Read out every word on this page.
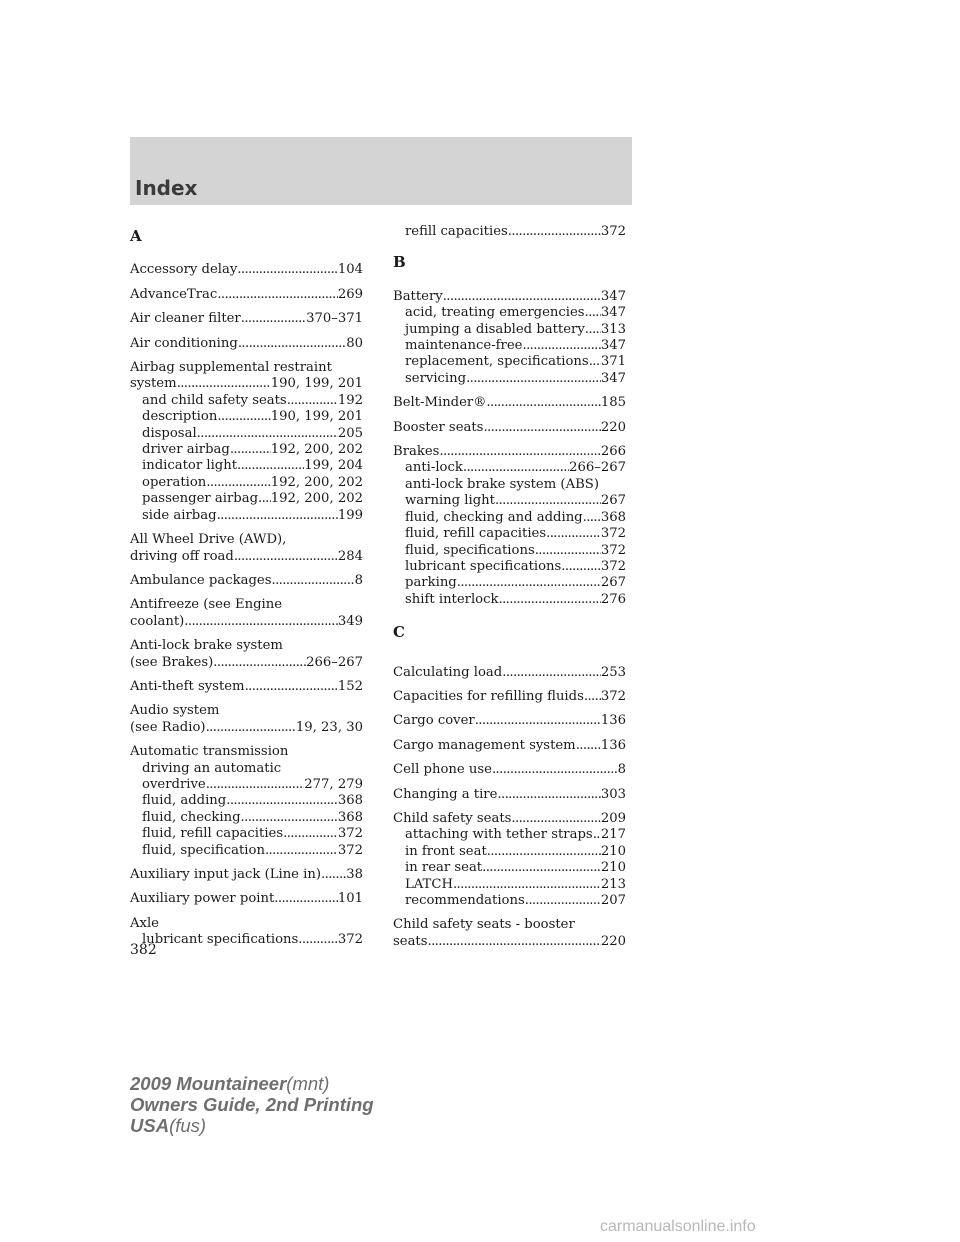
Index
A
Accessory delay . . .	104
AdvanceTrac . . .	269
Air cleaner filter . . .	370–371
Air conditioning . . .	80
Airbag supplemental restraint
system . . .	190, 199, 201
and child safety seats . . .	192
description . . .	190, 199, 201
disposal . . .	205
driver airbag . . .	192, 200, 202
indicator light . . .	199, 204
operation . . .	192, 200, 202
passenger airbag . . . 192, 200, 202
side airbag . . .	199
All Wheel Drive (AWD),
driving off road . . .	284
Ambulance packages . . .	8
Antifreeze (see Engine
coolant) . . .	349
Anti-lock brake system
(see Brakes) . . .	266–267
Anti-theft system . . .	152
Audio system
(see Radio) . . .	19, 23, 30
Automatic transmission
driving an automatic
overdrive . . .	277, 279
fluid, adding . . .	368
fluid, checking . . .	368
fluid, refill capacities . . .	372
fluid, specification . . .	372
Auxiliary input jack (Line in) . . . 38
Auxiliary power point . . .	101
Axle
lubricant specifications . . .	372
refill capacities . . .	372
B
Battery . . .	347
acid, treating emergencies . . . 347
jumping a disabled battery . . . 313
maintenance-free . . .	347
replacement, specifications . . . 371
servicing . . .	347
Belt-Minder® . . .	185
Booster seats . . .	220
Brakes . . .	266
anti-lock . . .	266–267
anti-lock brake system (ABS)
warning light . . .	267
fluid, checking and adding . . . 368
fluid, refill capacities . . .	372
fluid, specifications . . .	372
lubricant specifications . . .	372
parking . . .	267
shift interlock . . .	276
C
Calculating load . . .	253
Capacities for refilling fluids . . . 372
Cargo cover . . .	136
Cargo management system . . . 136
Cell phone use . . .	8
Changing a tire . . .	303
Child safety seats . . .	209
attaching with tether straps . . . 217
in front seat . . .	210
in rear seat . . .	210
LATCH . . .	213
recommendations . . .	207
Child safety seats - booster
seats . . .	220
382
2009 Mountaineer(mnt)
Owners Guide, 2nd Printing
USA(fus)
carmanualsonline.info
